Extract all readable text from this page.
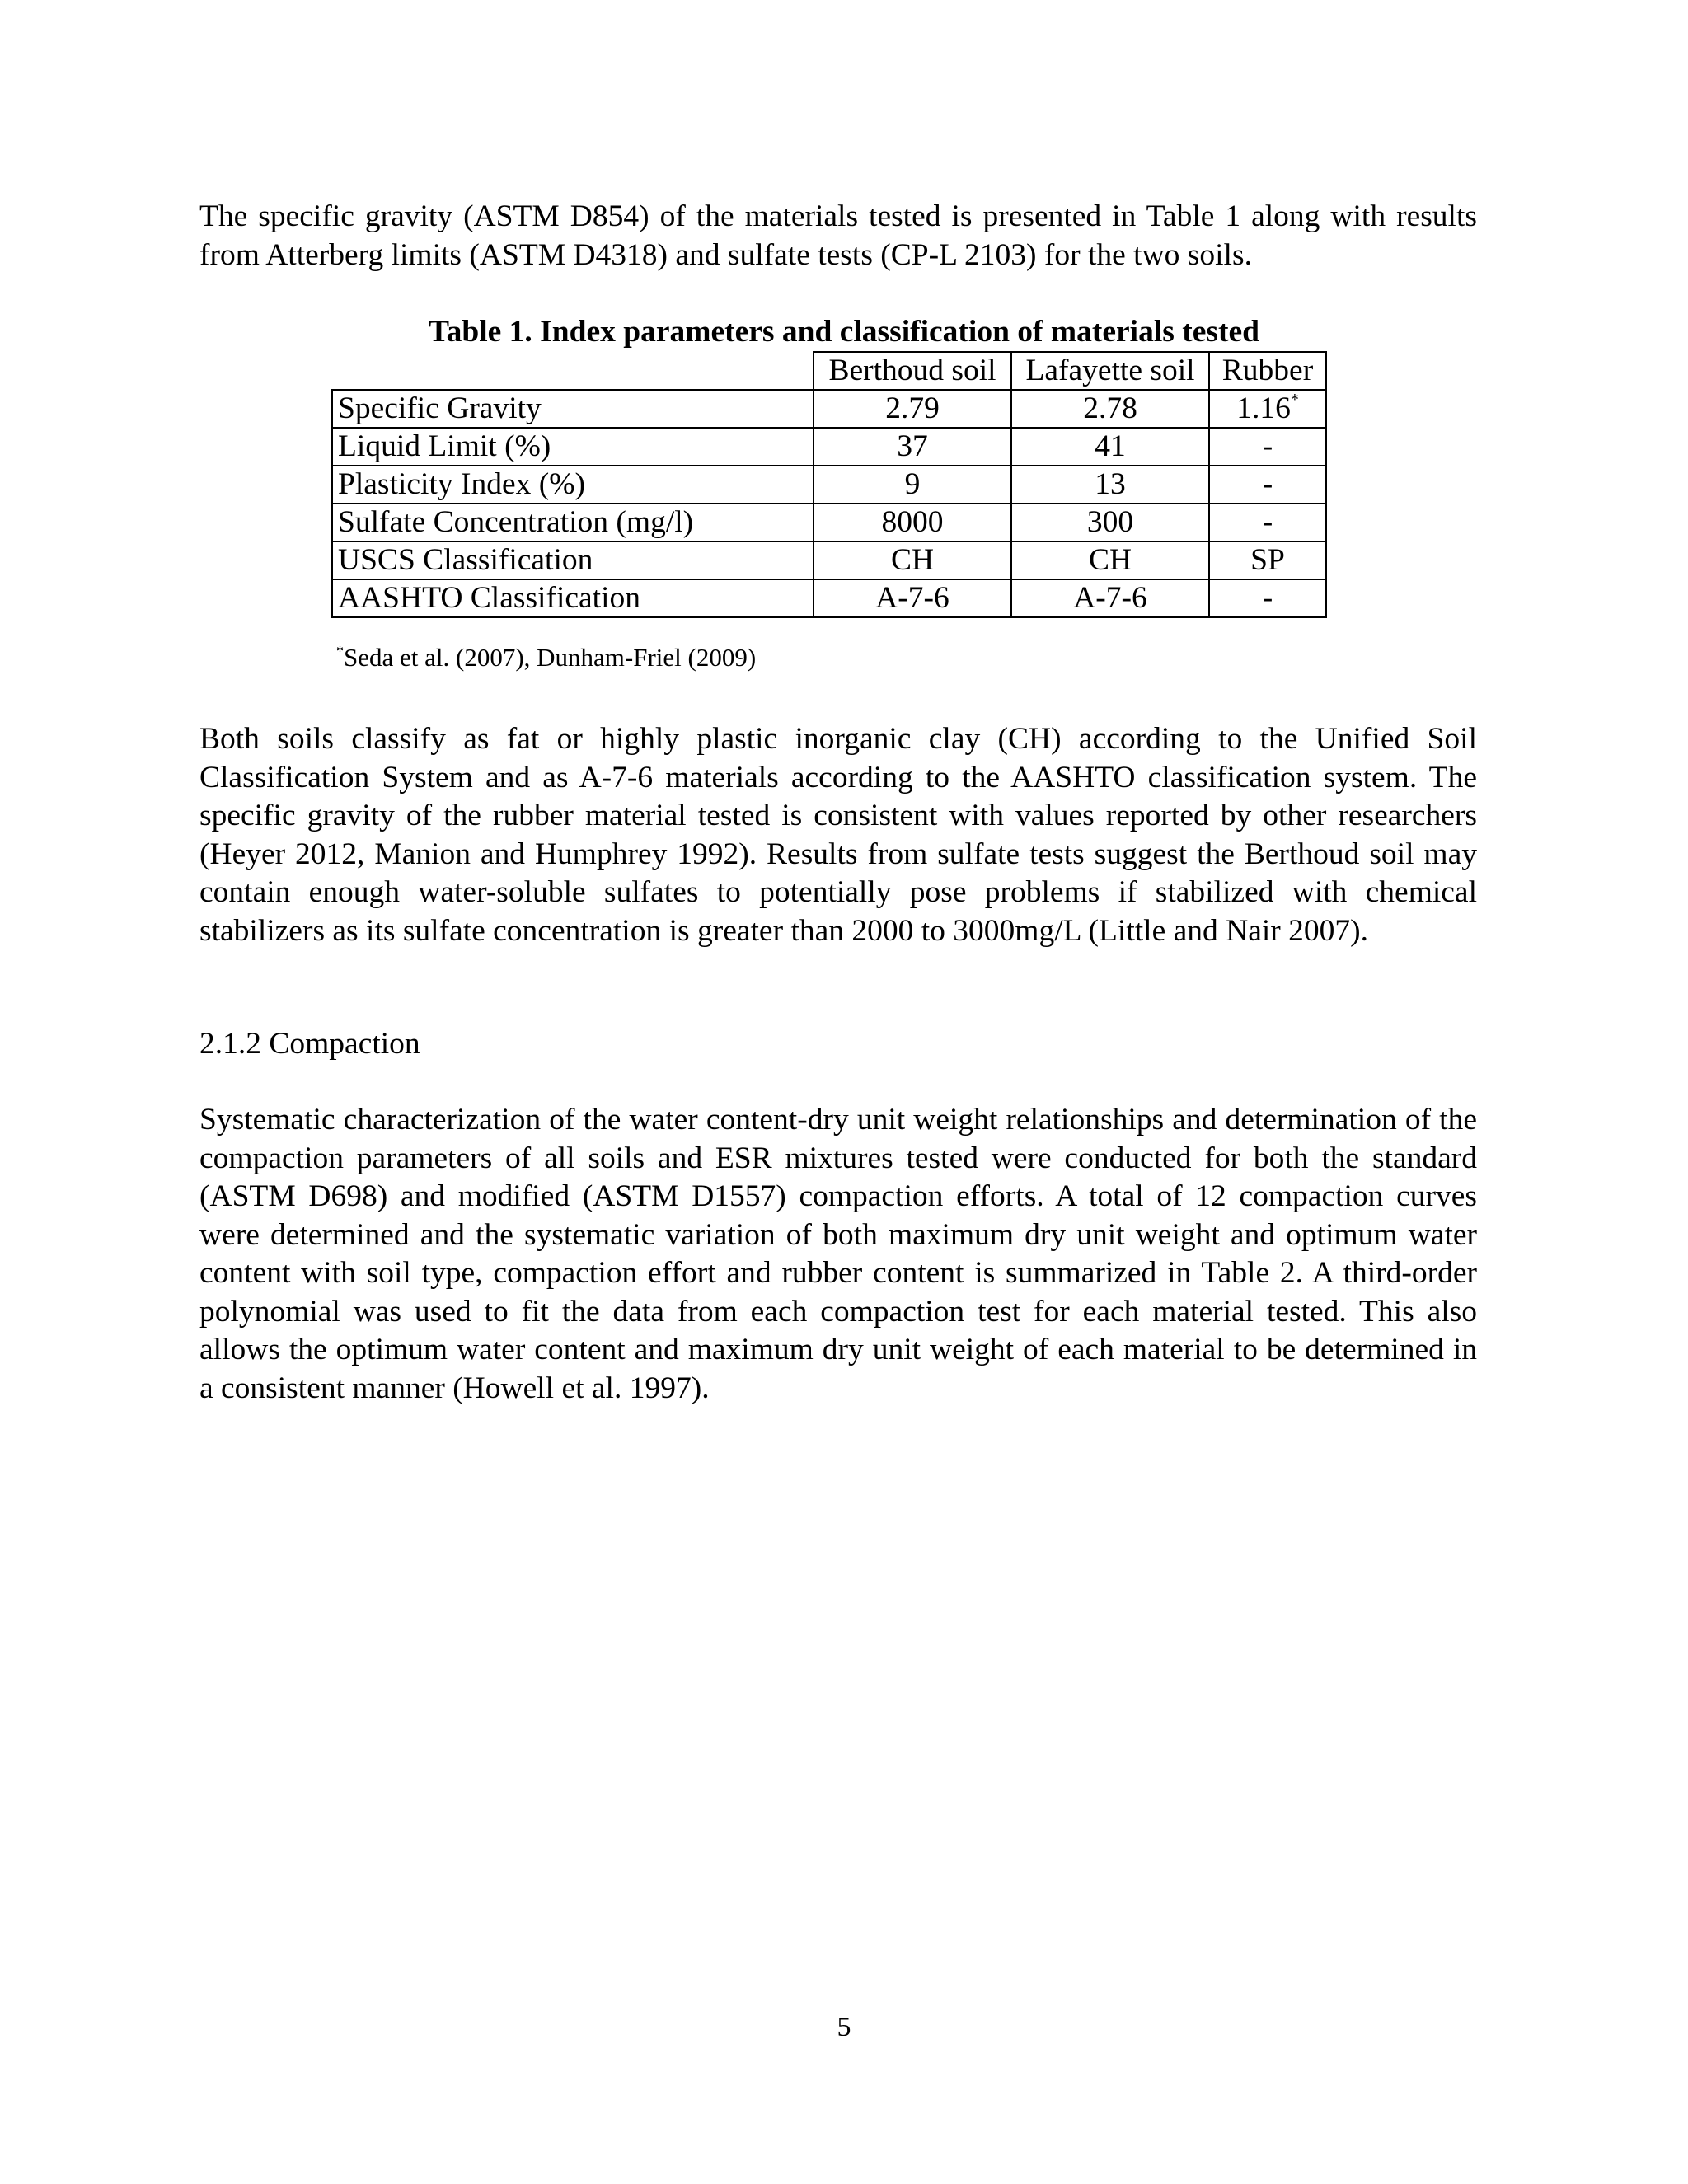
The specific gravity (ASTM D854) of the materials tested is presented in Table 1 along with results from Atterberg limits (ASTM D4318) and sulfate tests (CP-L 2103) for the two soils.

Table 1. Index parameters and classification of materials tested
	Berthoud soil	Lafayette soil	Rubber
Specific Gravity	2.79	2.78	1.16*
Liquid Limit (%)	37	41	-
Plasticity Index (%)	9	13	-
Sulfate Concentration (mg/l)	8000	300	-
USCS Classification	CH	CH	SP
AASHTO Classification	A-7-6	A-7-6	-
*Seda et al. (2007), Dunham-Friel (2009)

Both soils classify as fat or highly plastic inorganic clay (CH) according to the Unified Soil Classification System and as A-7-6 materials according to the AASHTO classification system. The specific gravity of the rubber material tested is consistent with values reported by other researchers (Heyer 2012, Manion and Humphrey 1992). Results from sulfate tests suggest the Berthoud soil may contain enough water-soluble sulfates to potentially pose problems if stabilized with chemical stabilizers as its sulfate concentration is greater than 2000 to 3000mg/L (Little and Nair 2007).

2.1.2 Compaction

Systematic characterization of the water content-dry unit weight relationships and determination of the compaction parameters of all soils and ESR mixtures tested were conducted for both the standard (ASTM D698) and modified (ASTM D1557) compaction efforts. A total of 12 compaction curves were determined and the systematic variation of both maximum dry unit weight and optimum water content with soil type, compaction effort and rubber content is summarized in Table 2. A third-order polynomial was used to fit the data from each compaction test for each material tested. This also allows the optimum water content and maximum dry unit weight of each material to be determined in a consistent manner (Howell et al. 1997).

5
